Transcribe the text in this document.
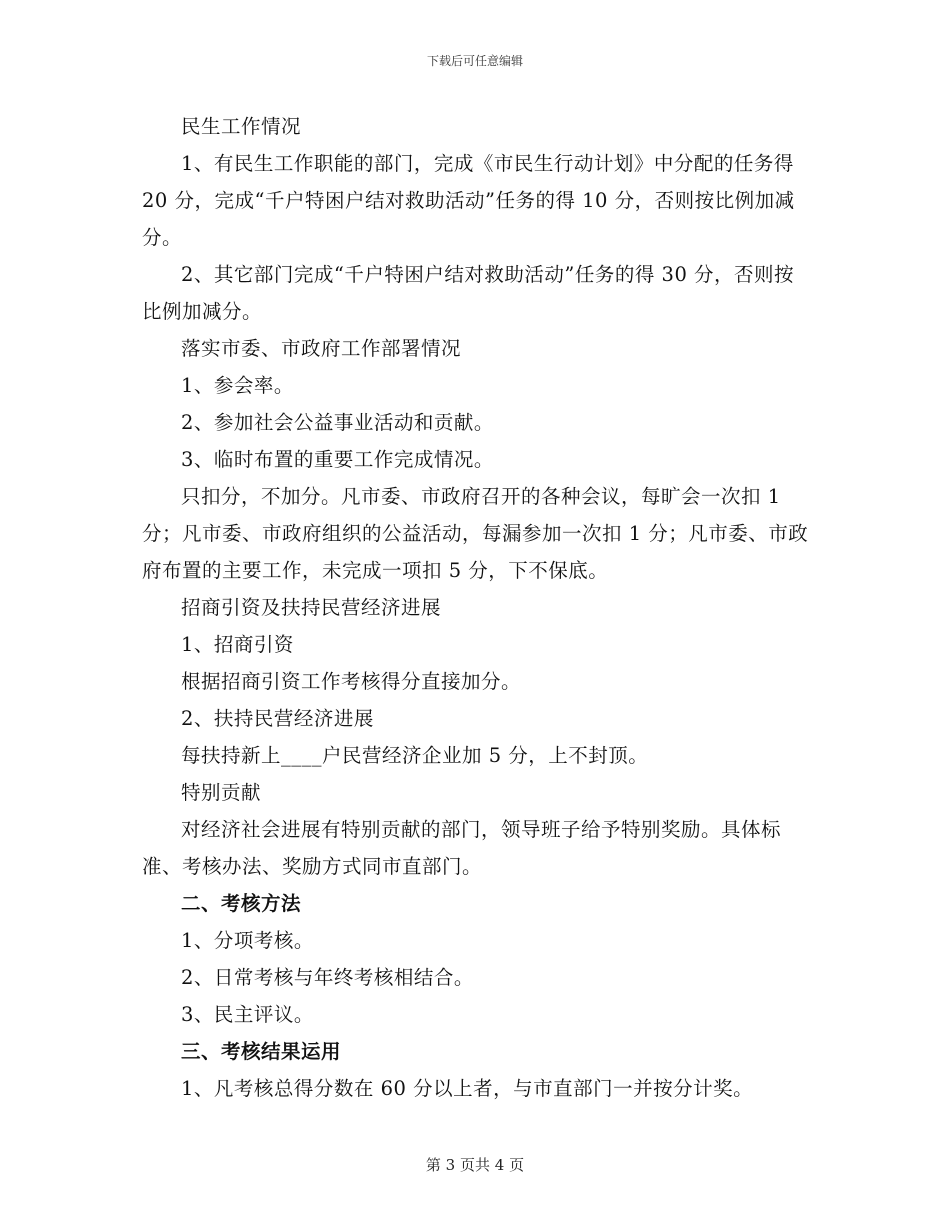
下载后可任意编辑

民生工作情况

1、有民生工作职能的部门，完成《市民生行动计划》中分配的任务得 20 分，完成“千户特困户结对救助活动”任务的得 10 分，否则按比例加减分。

2、其它部门完成“千户特困户结对救助活动”任务的得 30 分，否则按比例加减分。

落实市委、市政府工作部署情况

1、参会率。

2、参加社会公益事业活动和贡献。

3、临时布置的重要工作完成情况。

只扣分，不加分。凡市委、市政府召开的各种会议，每旷会一次扣 1 分；凡市委、市政府组织的公益活动，每漏参加一次扣 1 分；凡市委、市政府布置的主要工作，未完成一项扣 5 分，下不保底。

招商引资及扶持民营经济进展

1、招商引资

根据招商引资工作考核得分直接加分。

2、扶持民营经济进展

每扶持新上____户民营经济企业加 5 分，上不封顶。

特别贡献

对经济社会进展有特别贡献的部门，领导班子给予特别奖励。具体标准、考核办法、奖励方式同市直部门。

二、考核方法

1、分项考核。

2、日常考核与年终考核相结合。

3、民主评议。

三、考核结果运用

1、凡考核总得分数在 60 分以上者，与市直部门一并按分计奖。

第 3 页共 4 页
